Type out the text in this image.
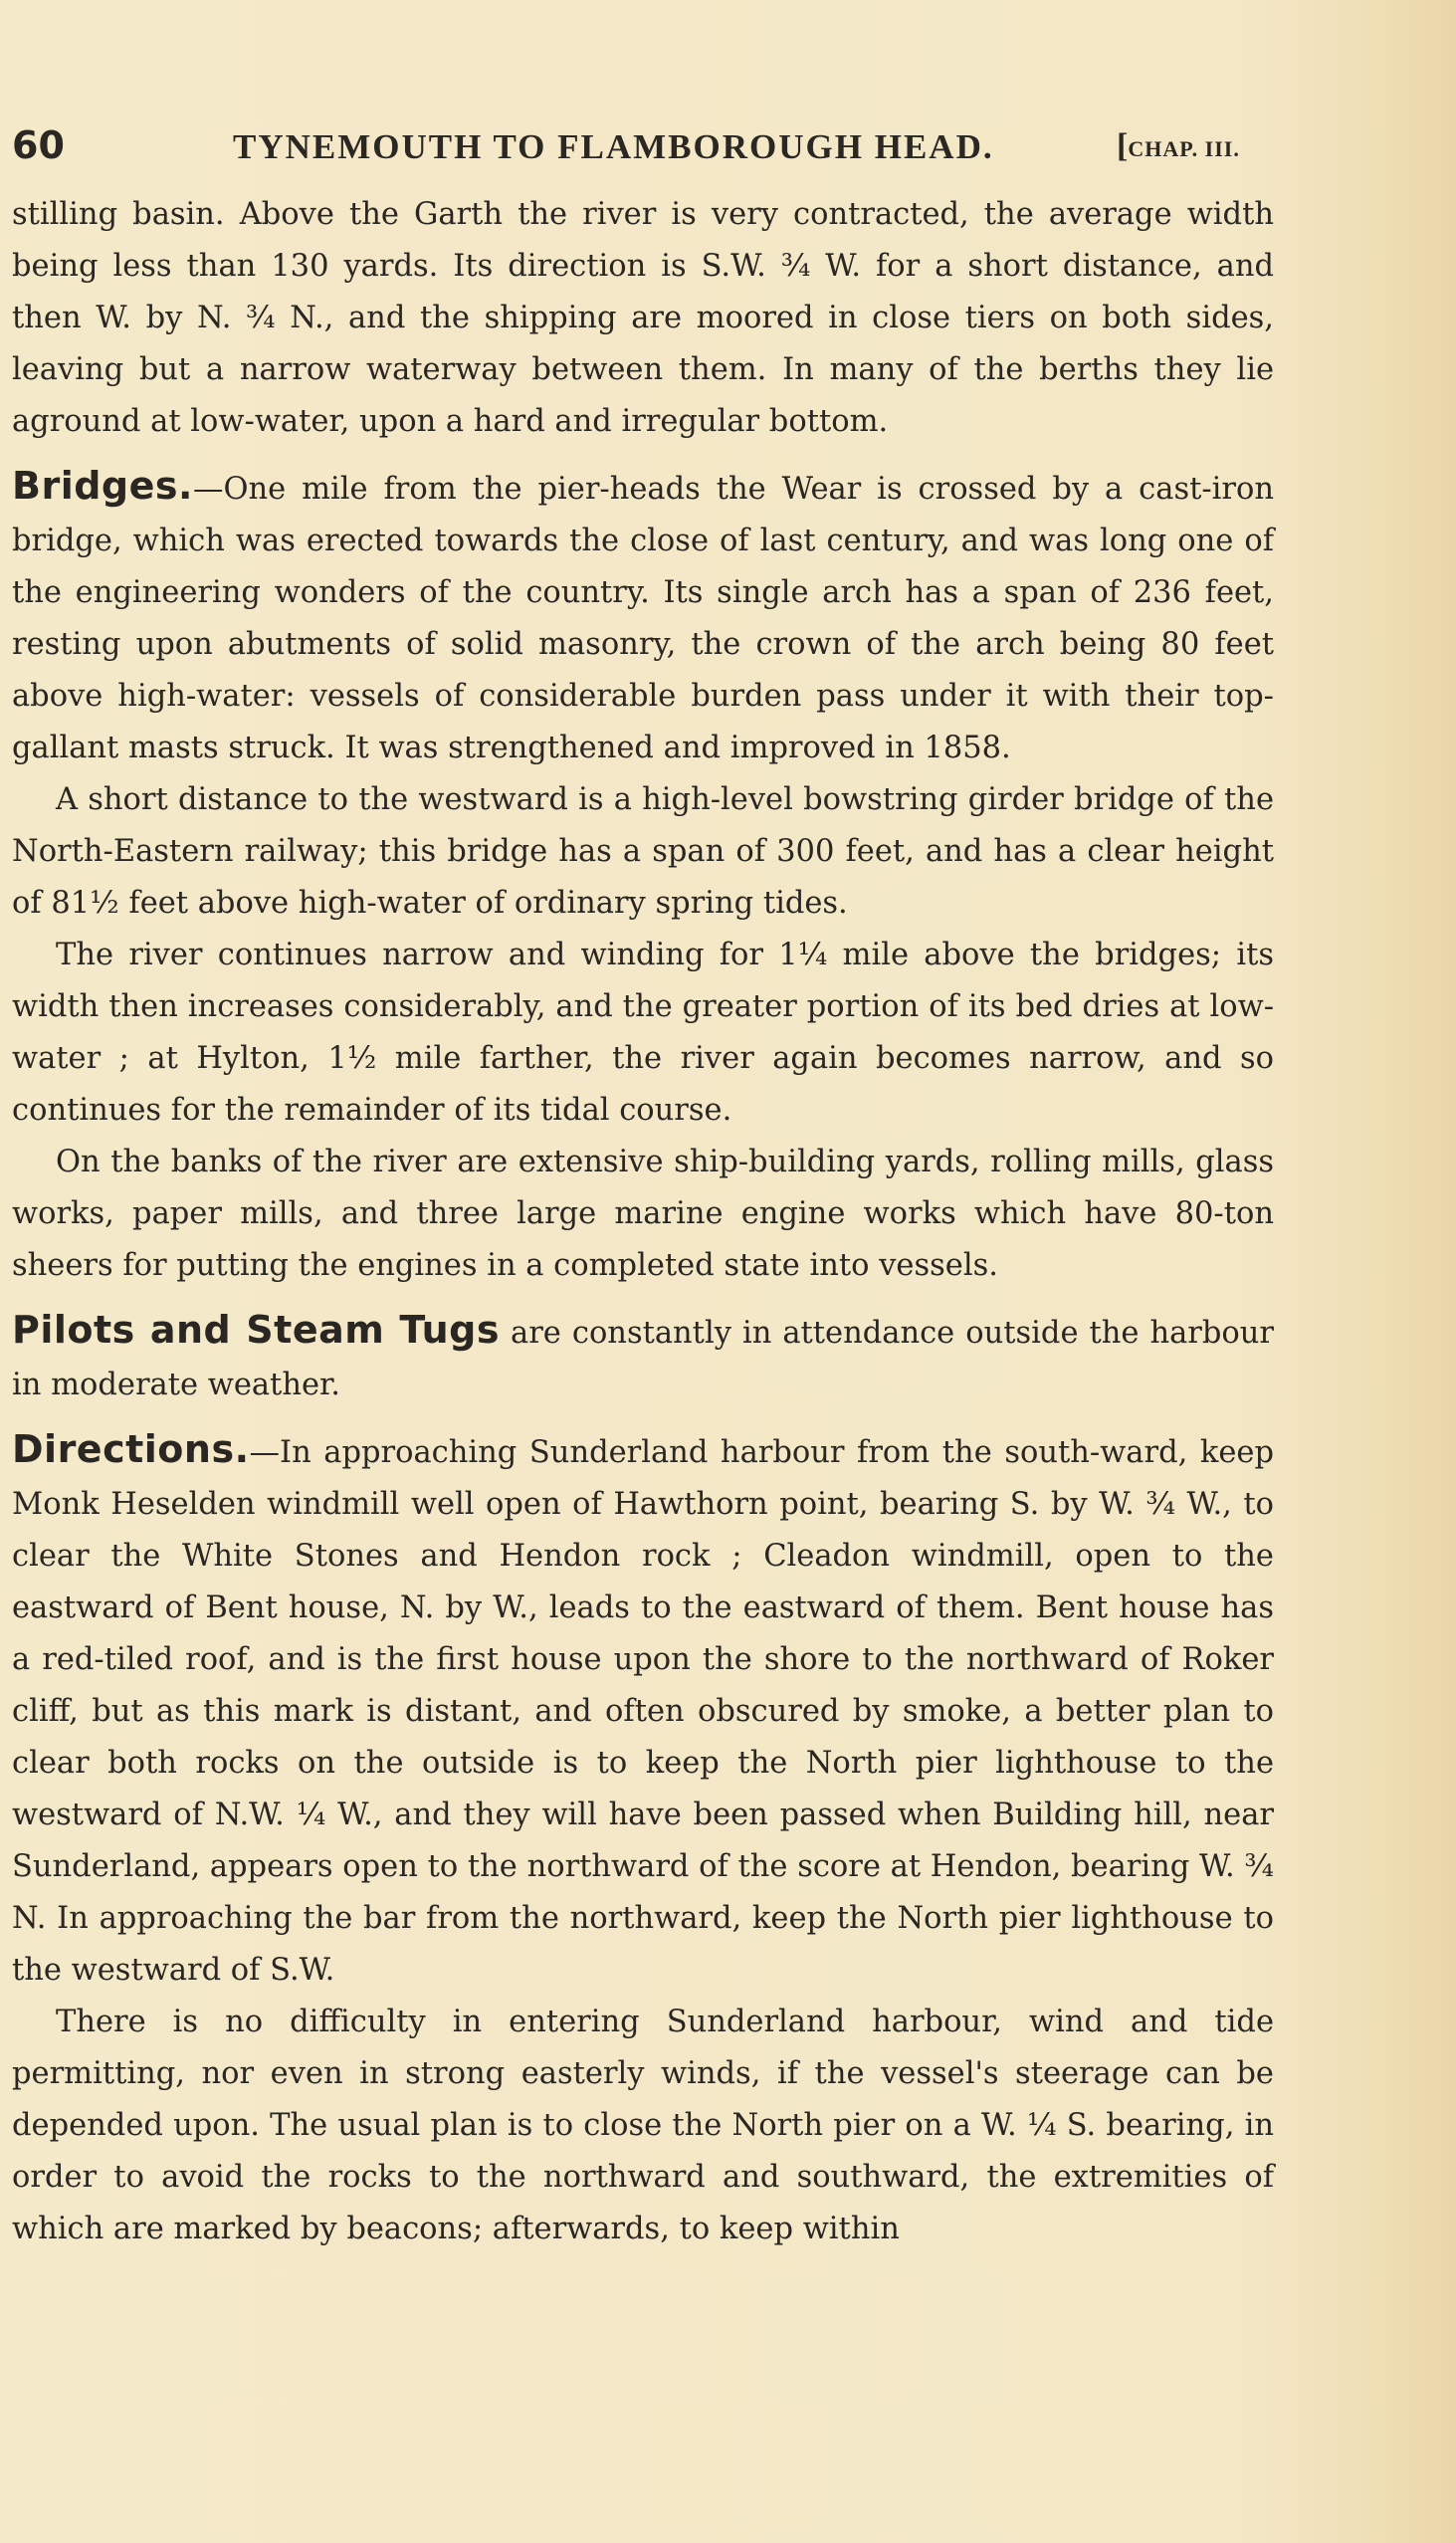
60	TYNEMOUTH TO FLAMBOROUGH HEAD.	[CHAP. III.

stilling basin. Above the Garth the river is very contracted, the average width being less than 130 yards. Its direction is S.W. ¾ W. for a short distance, and then W. by N. ¾ N., and the shipping are moored in close tiers on both sides, leaving but a narrow waterway between them. In many of the berths they lie aground at low-water, upon a hard and irregular bottom.

Bridges.—One mile from the pier-heads the Wear is crossed by a cast-iron bridge, which was erected towards the close of last century, and was long one of the engineering wonders of the country. Its single arch has a span of 236 feet, resting upon abutments of solid masonry, the crown of the arch being 80 feet above high-water: vessels of considerable burden pass under it with their top-gallant masts struck. It was strengthened and improved in 1858.

A short distance to the westward is a high-level bowstring girder bridge of the North-Eastern railway; this bridge has a span of 300 feet, and has a clear height of 81½ feet above high-water of ordinary spring tides.

The river continues narrow and winding for 1¼ mile above the bridges; its width then increases considerably, and the greater portion of its bed dries at low-water ; at Hylton, 1½ mile farther, the river again becomes narrow, and so continues for the remainder of its tidal course.

On the banks of the river are extensive ship-building yards, rolling mills, glass works, paper mills, and three large marine engine works which have 80-ton sheers for putting the engines in a completed state into vessels.

Pilots and Steam Tugs are constantly in attendance outside the harbour in moderate weather.

Directions.—In approaching Sunderland harbour from the south-ward, keep Monk Heselden windmill well open of Hawthorn point, bearing S. by W. ¾ W., to clear the White Stones and Hendon rock ; Cleadon windmill, open to the eastward of Bent house, N. by W., leads to the eastward of them. Bent house has a red-tiled roof, and is the first house upon the shore to the northward of Roker cliff, but as this mark is distant, and often obscured by smoke, a better plan to clear both rocks on the outside is to keep the North pier lighthouse to the westward of N.W. ¼ W., and they will have been passed when Building hill, near Sunderland, appears open to the northward of the score at Hendon, bearing W. ¾ N. In approaching the bar from the northward, keep the North pier lighthouse to the westward of S.W.

There is no difficulty in entering Sunderland harbour, wind and tide permitting, nor even in strong easterly winds, if the vessel's steerage can be depended upon. The usual plan is to close the North pier on a W. ¼ S. bearing, in order to avoid the rocks to the northward and southward, the extremities of which are marked by beacons; afterwards, to keep within
